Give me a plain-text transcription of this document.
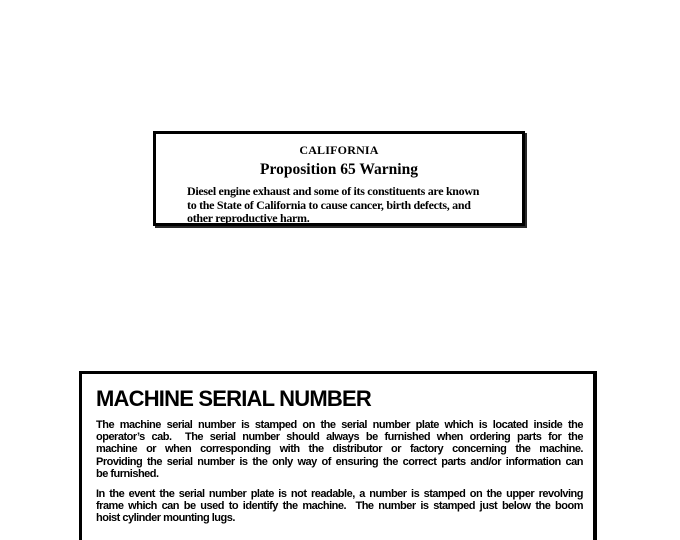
CALIFORNIA
Proposition 65 Warning
Diesel engine exhaust and some of its constituents are known
to the State of California to cause cancer, birth defects, and
other reproductive harm.
MACHINE SERIAL NUMBER
The machine serial number is stamped on the serial number plate which is located inside the
operator’s cab.  The serial number should always be furnished when ordering parts for the
machine or when corresponding with the distributor or factory concerning the machine.
Providing the serial number is the only way of ensuring the correct parts and/or information can
be furnished.
In the event the serial number plate is not readable, a number is stamped on the upper revolving
frame which can be used to identify the machine.  The number is stamped just below the boom
hoist cylinder mounting lugs.
